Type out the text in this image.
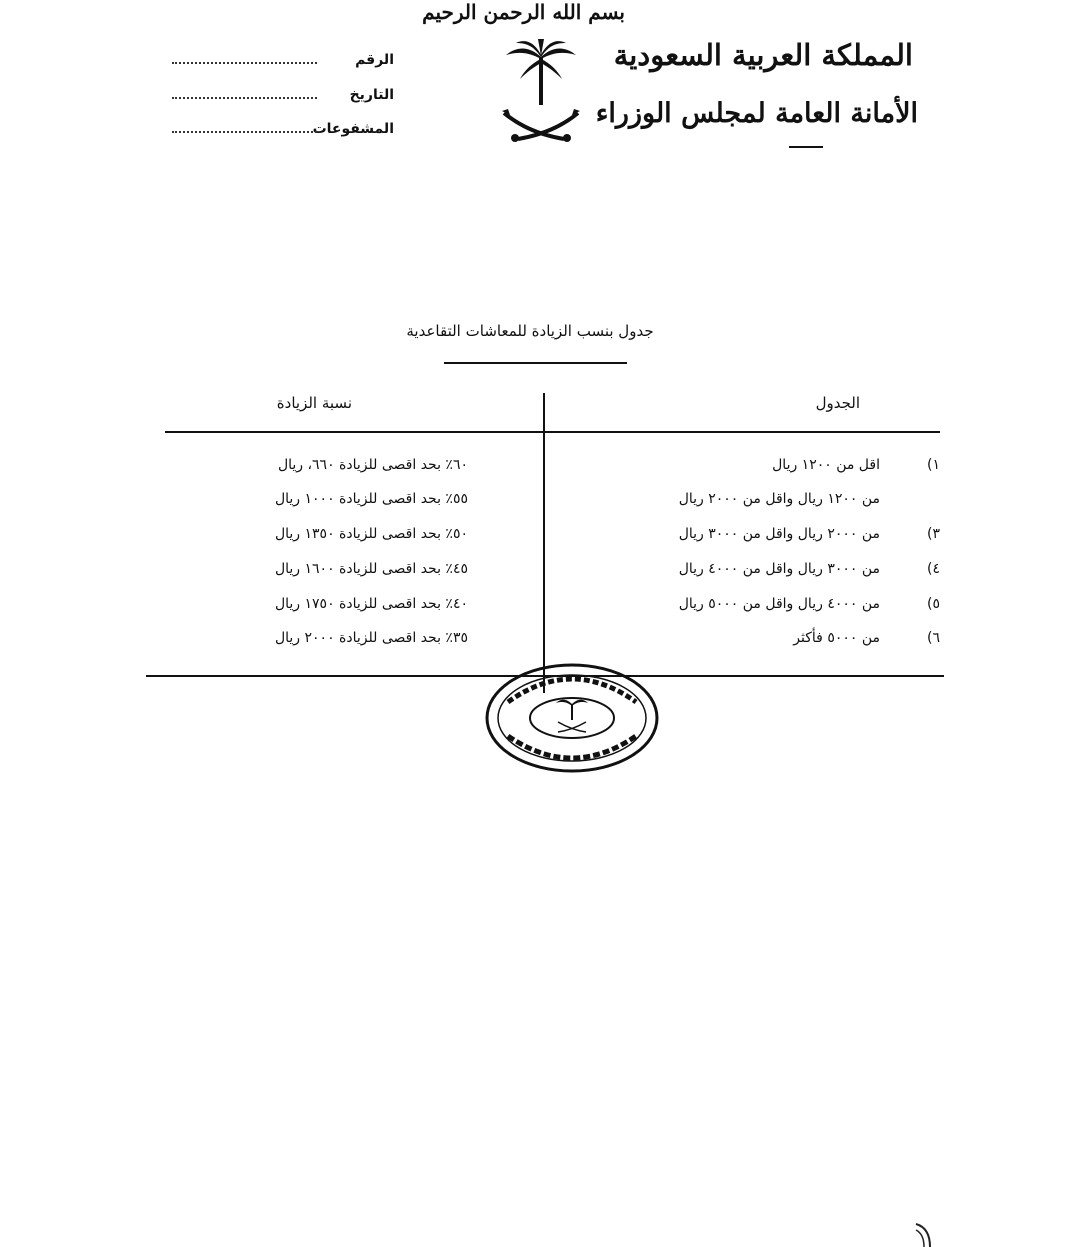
بسم الله الرحمن الرحيم
المملكة العربية السعودية
الأمانة العامة لمجلس الوزراء
الرقم
التاريخ
المشفوعات
جدول بنسب الزيادة للمعاشات التقاعدية
الجدول
نسبة الزيادة
١)
اقل من ١٢٠٠ ريال
٦٠٪ بحد اقصى للزيادة ٦٦٠، ريال
من ١٢٠٠ ريال واقل من ٢٠٠٠ ريال
٥٥٪ بحد اقصى للزيادة ١٠٠٠ ريال
٣)
من ٢٠٠٠ ريال واقل من ٣٠٠٠ ريال
٥٠٪ بحد اقصى للزيادة ١٣٥٠ ريال
٤)
من ٣٠٠٠ ريال واقل من ٤٠٠٠ ريال
٤٥٪ بحد اقصى للزيادة ١٦٠٠ ريال
٥)
من ٤٠٠٠ ريال واقل من ٥٠٠٠ ريال
٤٠٪ بحد اقصى للزيادة ١٧٥٠ ريال
٦)
من ٥٠٠٠ فأكثر
٣٥٪ بحد اقصى للزيادة ٢٠٠٠ ريال
